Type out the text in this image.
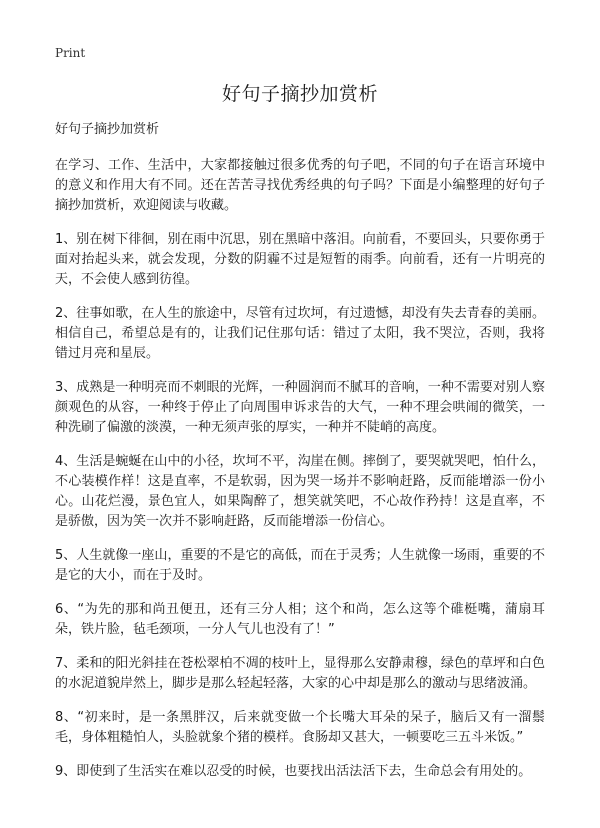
Print
好句子摘抄加赏析

好句子摘抄加赏析

在学习、工作、生活中，大家都接触过很多优秀的句子吧，不同的句子在语言环境中的意义和作用大有不同。还在苦苦寻找优秀经典的句子吗？下面是小编整理的好句子摘抄加赏析，欢迎阅读与收藏。

1、别在树下徘徊，别在雨中沉思，别在黑暗中落泪。向前看，不要回头，只要你勇于面对抬起头来，就会发现，分数的阴霾不过是短暂的雨季。向前看，还有一片明亮的天，不会使人感到彷徨。

2、往事如歌，在人生的旅途中，尽管有过坎坷，有过遗憾，却没有失去青春的美丽。相信自己，希望总是有的，让我们记住那句话：错过了太阳，我不哭泣，否则，我将错过月亮和星辰。

3、成熟是一种明亮而不刺眼的光辉，一种圆润而不腻耳的音响，一种不需要对别人察颜观色的从容，一种终于停止了向周围申诉求告的大气，一种不理会哄闹的微笑，一种洗刷了偏激的淡漠，一种无须声张的厚实，一种并不陡峭的高度。

4、生活是蜿蜒在山中的小径，坎坷不平，沟崖在侧。摔倒了，要哭就哭吧，怕什么，不心装模作样！这是直率，不是软弱，因为哭一场并不影响赶路，反而能增添一份小心。山花烂漫，景色宜人，如果陶醉了，想笑就笑吧，不心故作矜持！这是直率，不是骄傲，因为笑一次并不影响赶路，反而能增添一份信心。

5、人生就像一座山，重要的不是它的高低，而在于灵秀；人生就像一场雨，重要的不是它的大小，而在于及时。

6、“为先的那和尚丑便丑，还有三分人相；这个和尚，怎么这等个碓梃嘴，蒲扇耳朵，铁片脸，毡毛颈项，一分人气儿也没有了！”

7、柔和的阳光斜挂在苍松翠柏不凋的枝叶上，显得那么安静肃穆，绿色的草坪和白色的水泥道貌岸然上，脚步是那么轻起轻落，大家的心中却是那么的激动与思绪波涌。

8、“初来时，是一条黑胖汉，后来就变做一个长嘴大耳朵的呆子，脑后又有一溜鬃毛，身体粗糙怕人，头脸就象个猪的模样。食肠却又甚大，一顿要吃三五斗米饭。”

9、即使到了生活实在难以忍受的时候，也要找出活法活下去，生命总会有用处的。
